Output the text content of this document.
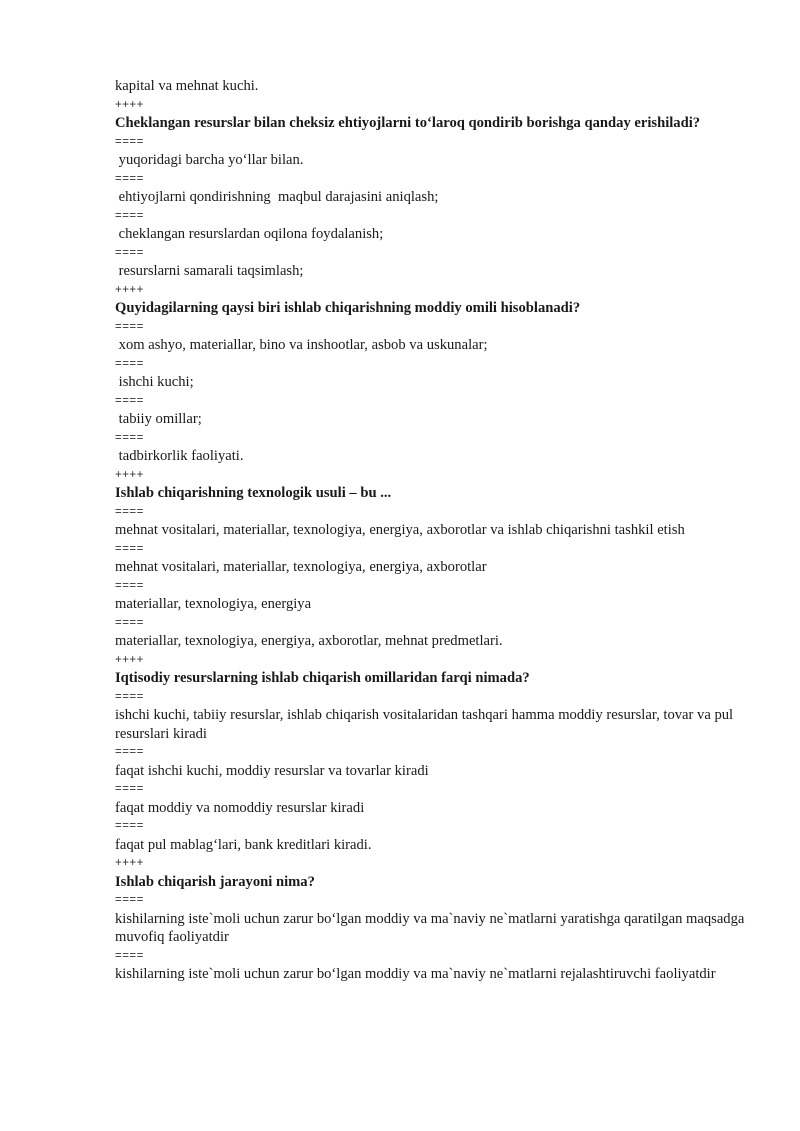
kapital va mehnat kuchi.

++++

Cheklangan resurslar bilan cheksiz ehtiyojlarni toʻlaroq qondirib borishga qanday erishiladi?

====

yuqoridagi barcha yoʻllar bilan.

====

ehtiyojlarni qondirishning  maqbul darajasini aniqlash;

====

cheklangan resurslardan oqilona foydalanish;

====

resurslarni samarali taqsimlash;

++++

Quyidagilarning qaysi biri ishlab chiqarishning moddiy omili hisoblanadi?

====

xom ashyo, materiallar, bino va inshootlar, asbob va uskunalar;

====

ishchi kuchi;

====

tabiiy omillar;

====

tadbirkorlik faoliyati.

++++

Ishlab chiqarishning texnologik usuli – bu ...

====

mehnat vositalari, materiallar, texnologiya, energiya, axborotlar va ishlab chiqarishni tashkil etish

====

mehnat vositalari, materiallar, texnologiya, energiya, axborotlar

====

materiallar, texnologiya, energiya

====

materiallar, texnologiya, energiya, axborotlar, mehnat predmetlari.

++++

Iqtisodiy resurslarning ishlab chiqarish omillaridan farqi nimada?

====

ishchi kuchi, tabiiy resurslar, ishlab chiqarish vositalaridan tashqari hamma moddiy resurslar, tovar va pul resurslari kiradi

====

faqat ishchi kuchi, moddiy resurslar va tovarlar kiradi

====

faqat moddiy va nomoddiy resurslar kiradi

====

faqat pul mablagʻlari, bank kreditlari kiradi.

++++

Ishlab chiqarish jarayoni nima?

====

kishilarning iste`moli uchun zarur boʻlgan moddiy va ma`naviy ne`matlarni yaratishga qaratilgan maqsadga muvofiq faoliyatdir

====

kishilarning iste`moli uchun zarur boʻlgan moddiy va ma`naviy ne`matlarni rejalashtiruvchi faoliyatdir
